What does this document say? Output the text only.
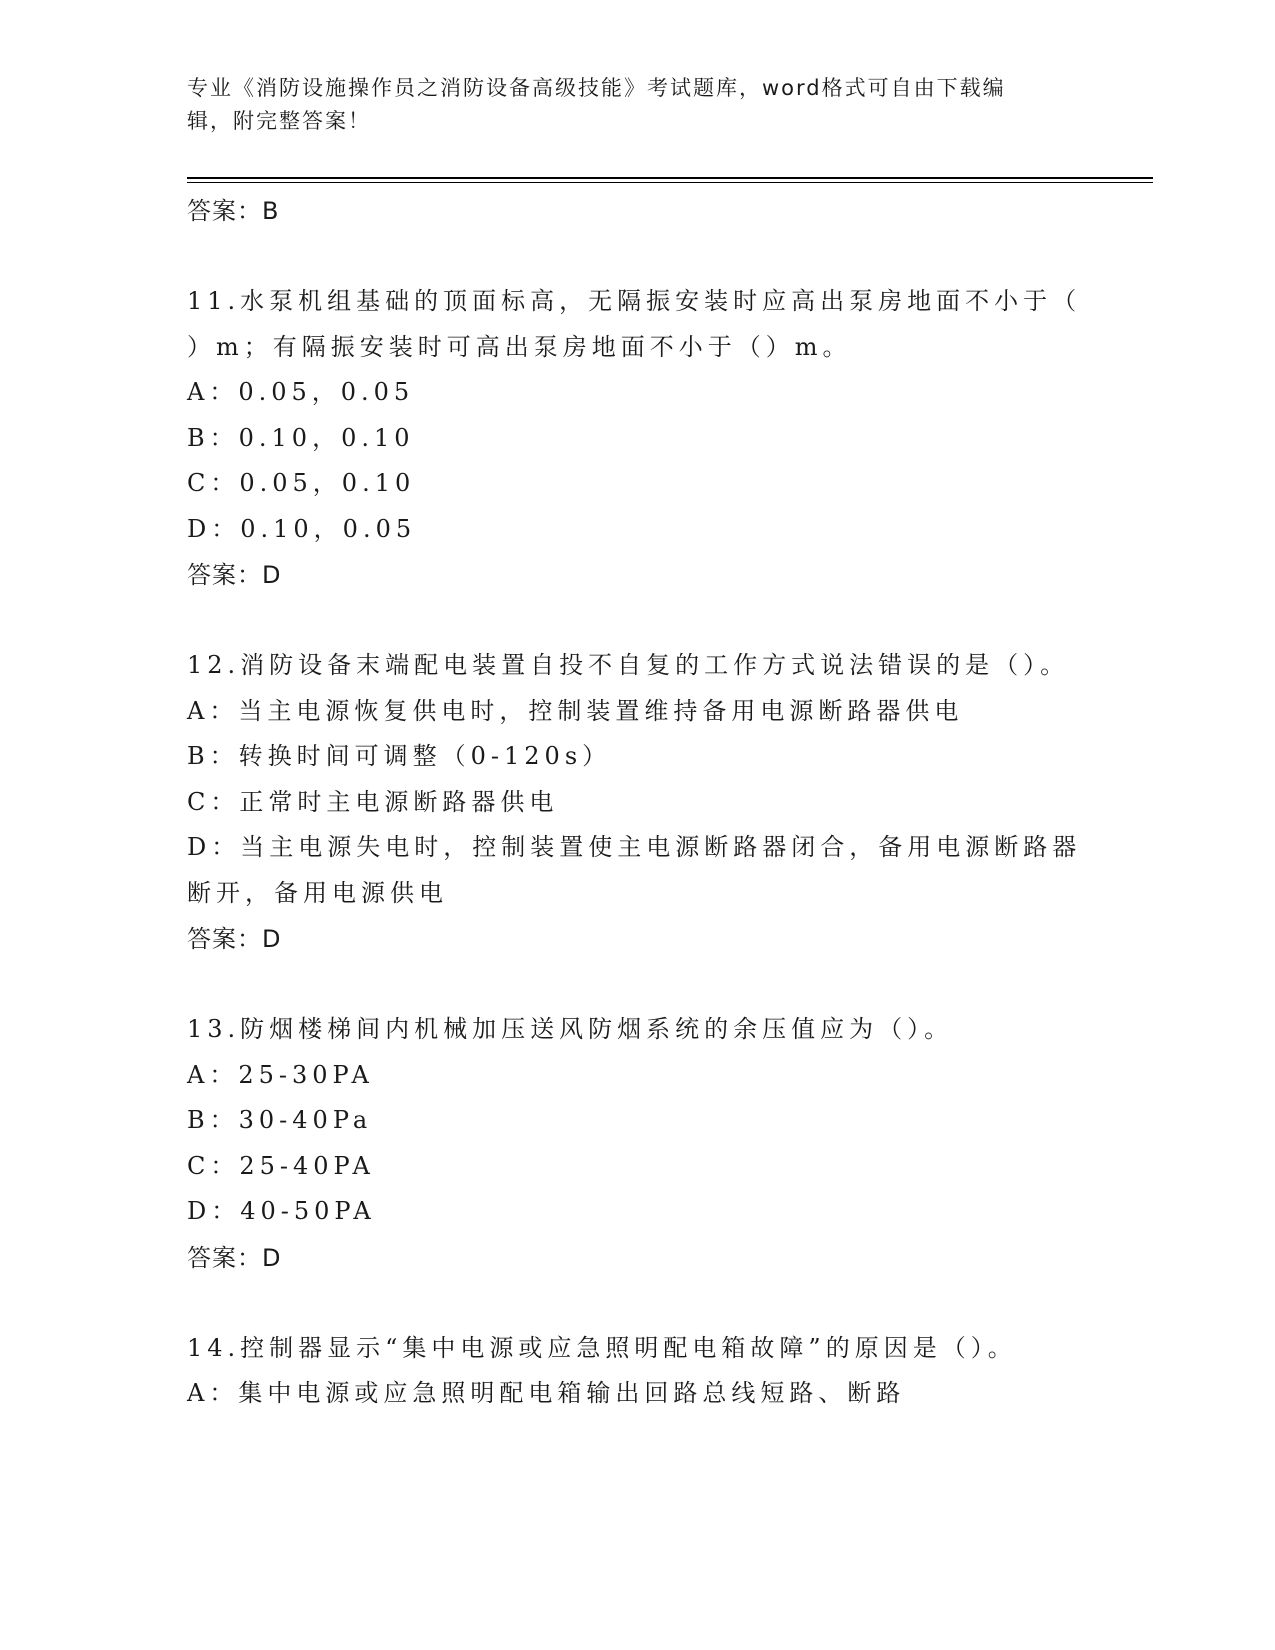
专业《消防设施操作员之消防设备高级技能》考试题库，word格式可自由下载编
辑，附完整答案！
答案：B
11.水泵机组基础的顶面标高，无隔振安装时应高出泵房地面不小于（
）m；有隔振安装时可高出泵房地面不小于（）m。
A：0.05，0.05
B：0.10，0.10
C：0.05，0.10
D：0.10，0.05
答案：D
12.消防设备末端配电装置自投不自复的工作方式说法错误的是（）。
A：当主电源恢复供电时，控制装置维持备用电源断路器供电
B：转换时间可调整（0-120s）
C：正常时主电源断路器供电
D：当主电源失电时，控制装置使主电源断路器闭合，备用电源断路器
断开，备用电源供电
答案：D
13.防烟楼梯间内机械加压送风防烟系统的余压值应为（）。
A：25-30PA
B：30-40Pa
C：25-40PA
D：40-50PA
答案：D
14.控制器显示“集中电源或应急照明配电箱故障”的原因是（）。
A：集中电源或应急照明配电箱输出回路总线短路、断路
